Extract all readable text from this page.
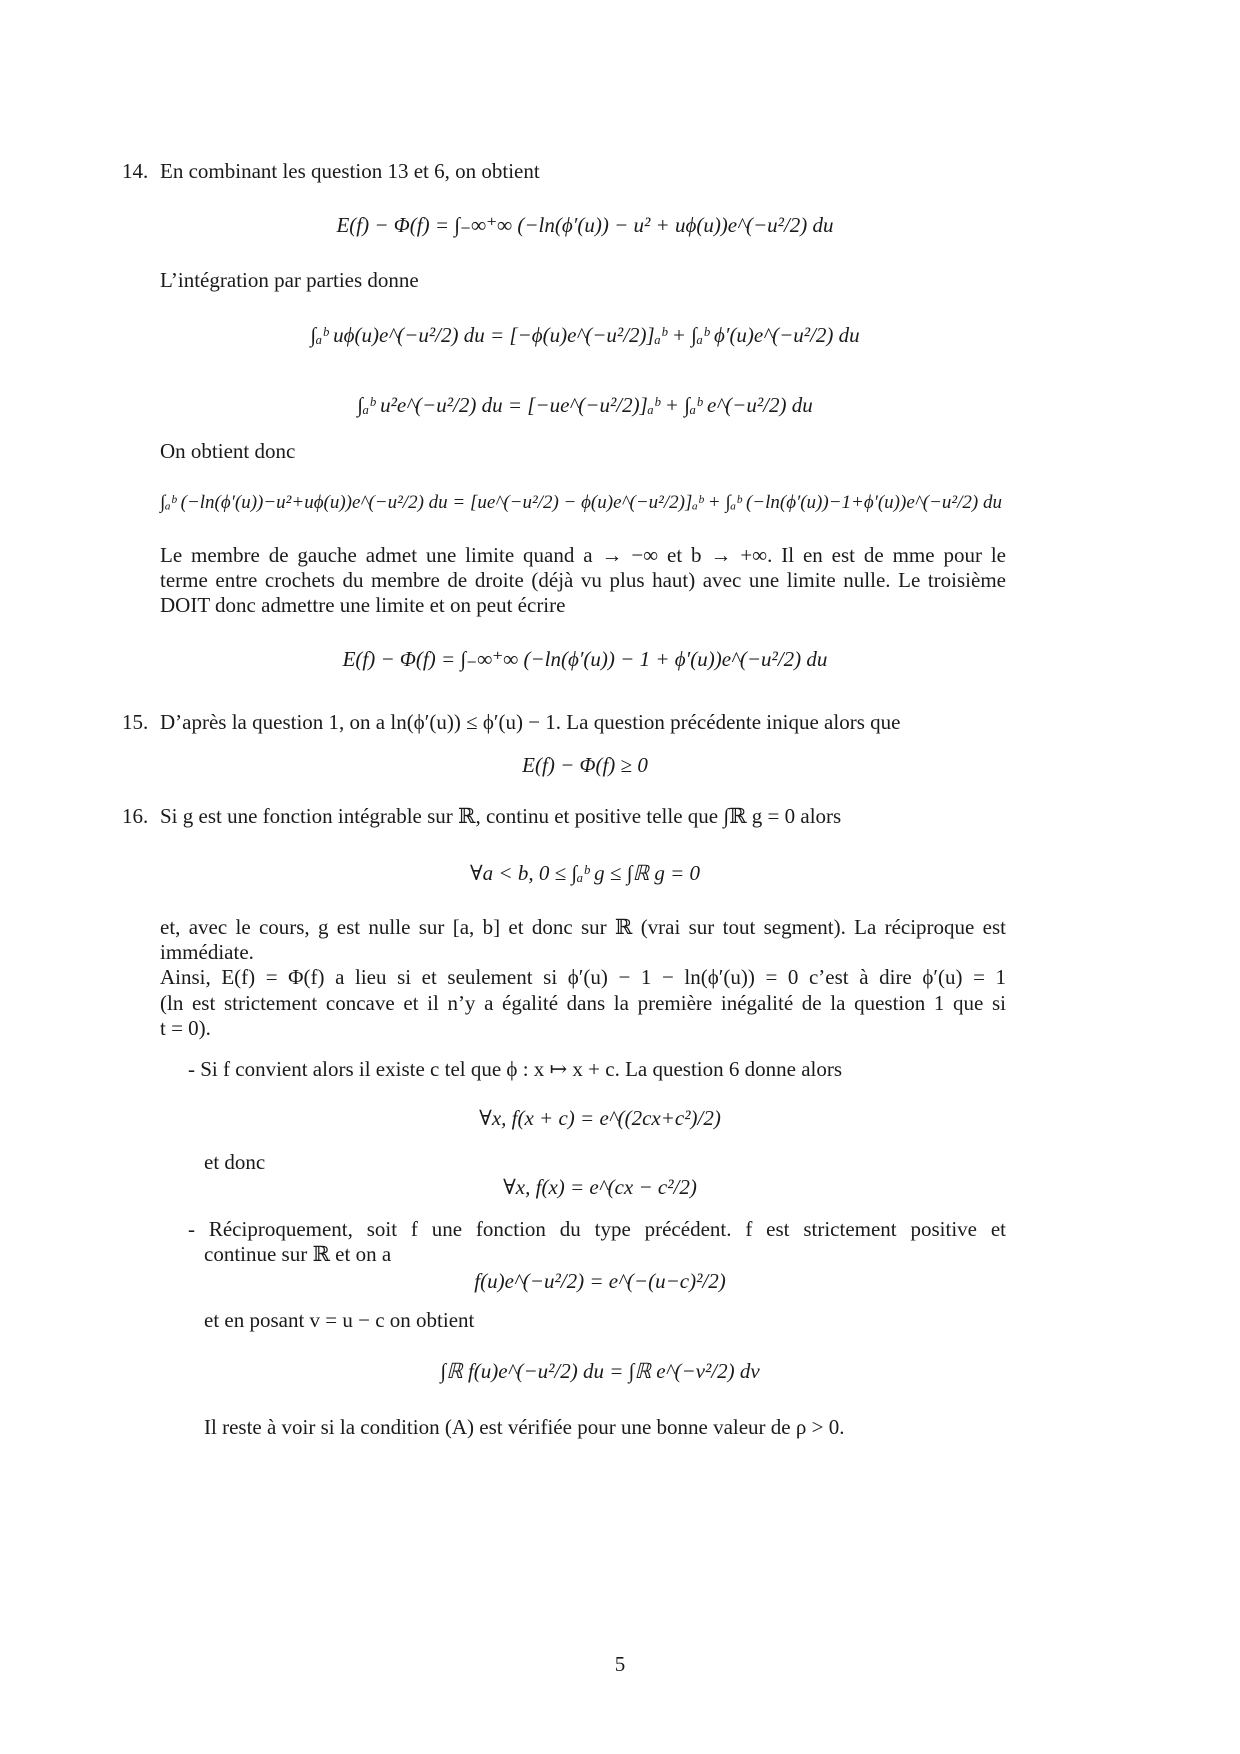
14. En combinant les question 13 et 6, on obtient
E(f) − Φ(f) = ∫₋∞⁺∞ (−ln(ϕ′(u)) − u² + uϕ(u))e^(−u²/2) du
L’intégration par parties donne
∫ₐᵇ uϕ(u)e^(−u²/2) du = [−ϕ(u)e^(−u²/2)]ₐᵇ + ∫ₐᵇ ϕ′(u)e^(−u²/2) du
∫ₐᵇ u²e^(−u²/2) du = [−ue^(−u²/2)]ₐᵇ + ∫ₐᵇ e^(−u²/2) du
On obtient donc
∫ₐᵇ (−ln(ϕ′(u))−u²+uϕ(u))e^(−u²/2) du = [ue^(−u²/2) − ϕ(u)e^(−u²/2)]ₐᵇ + ∫ₐᵇ (−ln(ϕ′(u))−1+ϕ′(u))e^(−u²/2) du
Le membre de gauche admet une limite quand a → −∞ et b → +∞. Il en est de mme pour le
terme entre crochets du membre de droite (déjà vu plus haut) avec une limite nulle. Le troisième
DOIT donc admettre une limite et on peut écrire
E(f) − Φ(f) = ∫₋∞⁺∞ (−ln(ϕ′(u)) − 1 + ϕ′(u))e^(−u²/2) du
15. D’après la question 1, on a ln(ϕ′(u)) ≤ ϕ′(u) − 1. La question précédente inique alors que
E(f) − Φ(f) ≥ 0
16. Si g est une fonction intégrable sur ℝ, continu et positive telle que ∫ℝ g = 0 alors
∀a < b, 0 ≤ ∫ₐᵇ g ≤ ∫ℝ g = 0
et, avec le cours, g est nulle sur [a, b] et donc sur ℝ (vrai sur tout segment). La réciproque est
immédiate.
Ainsi, E(f) = Φ(f) a lieu si et seulement si ϕ′(u) − 1 − ln(ϕ′(u)) = 0 c’est à dire ϕ′(u) = 1
(ln est strictement concave et il n’y a égalité dans la première inégalité de la question 1 que si
t = 0).
- Si f convient alors il existe c tel que ϕ : x ↦ x + c. La question 6 donne alors
∀x, f(x + c) = e^((2cx+c²)/2)
et donc
∀x, f(x) = e^(cx − c²/2)
- Réciproquement, soit f une fonction du type précédent. f est strictement positive et
continue sur ℝ et on a
f(u)e^(−u²/2) = e^(−(u−c)²/2)
et en posant v = u − c on obtient
∫ℝ f(u)e^(−u²/2) du = ∫ℝ e^(−v²/2) dv
Il reste à voir si la condition (A) est vérifiée pour une bonne valeur de ρ > 0.
5
